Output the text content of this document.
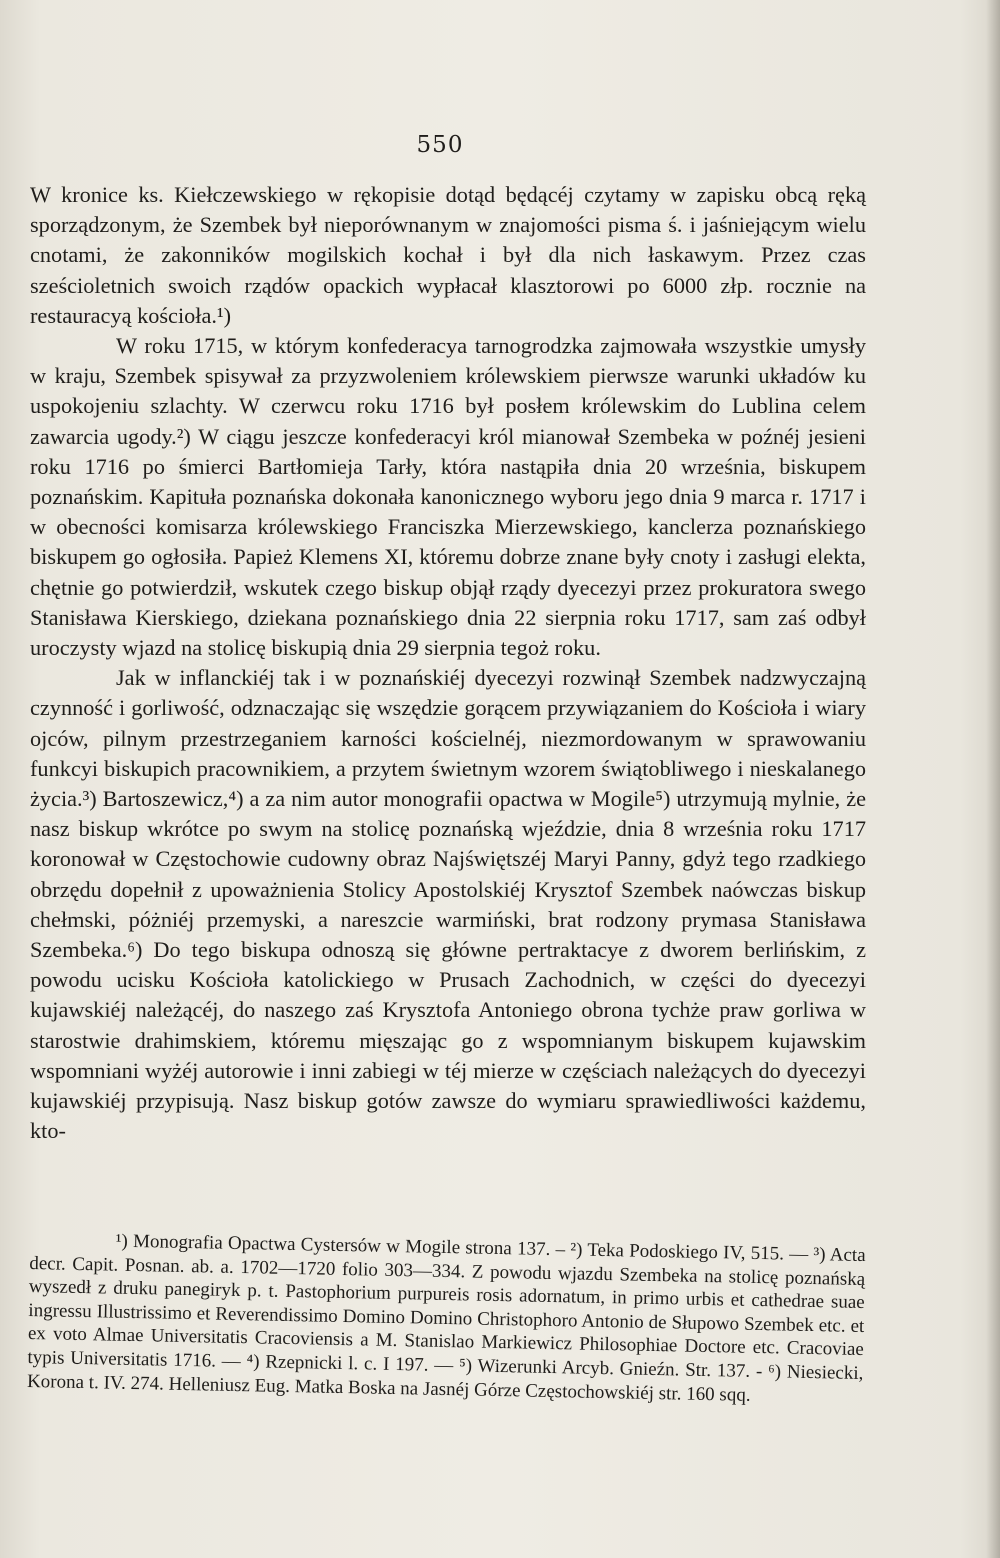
550

W kronice ks. Kiełczewskiego w rękopisie dotąd będącéj czytamy w zapisku obcą ręką sporządzonym, że Szembek był nieporównanym w znajomości pisma ś. i jaśniejącym wielu cnotami, że zakonników mogilskich kochał i był dla nich łaskawym. Przez czas sześcioletnich swoich rządów opackich wypłacał klasztorowi po 6000 złp. rocznie na restauracyą kościoła.¹)

W roku 1715, w którym konfederacya tarnogrodzka zajmowała wszystkie umysły w kraju, Szembek spisywał za przyzwoleniem królewskiem pierwsze warunki układów ku uspokojeniu szlachty. W czerwcu roku 1716 był posłem królewskim do Lublina celem zawarcia ugody.²) W ciągu jeszcze konfederacyi król mianował Szembeka w poźnéj jesieni roku 1716 po śmierci Bartłomieja Tarły, która nastąpiła dnia 20 września, biskupem poznańskim. Kapituła poznańska dokonała kanonicznego wyboru jego dnia 9 marca r. 1717 i w obecności komisarza królewskiego Franciszka Mierzewskiego, kanclerza poznańskiego biskupem go ogłosiła. Papież Klemens XI, któremu dobrze znane były cnoty i zasługi elekta, chętnie go potwierdził, wskutek czego biskup objął rządy dyecezyi przez prokuratora swego Stanisława Kierskiego, dziekana poznańskiego dnia 22 sierpnia roku 1717, sam zaś odbył uroczysty wjazd na stolicę biskupią dnia 29 sierpnia tegoż roku.

Jak w inflanckiéj tak i w poznańskiéj dyecezyi rozwinął Szembek nadzwyczajną czynność i gorliwość, odznaczając się wszędzie gorącem przywiązaniem do Kościoła i wiary ojców, pilnym przestrzeganiem karności kościelnéj, niezmordowanym w sprawowaniu funkcyi biskupich pracownikiem, a przytem świetnym wzorem świątobliwego i nieskalanego życia.³) Bartoszewicz,⁴) a za nim autor monografii opactwa w Mogile⁵) utrzymują mylnie, że nasz biskup wkrótce po swym na stolicę poznańską wjeździe, dnia 8 września roku 1717 koronował w Częstochowie cudowny obraz Najświętszéj Maryi Panny, gdyż tego rzadkiego obrzędu dopełnił z upoważnienia Stolicy Apostolskiéj Krysztof Szembek naówczas biskup chełmski, póżniéj przemyski, a nareszcie warmiński, brat rodzony prymasa Stanisława Szembeka.⁶) Do tego biskupa odnoszą się główne pertraktacye z dworem berlińskim, z powodu ucisku Kościoła katolickiego w Prusach Zachodnich, w części do dyecezyi kujawskiéj należącéj, do naszego zaś Krysztofa Antoniego obrona tychże praw gorliwa w starostwie drahimskiem, któremu mięszając go z wspomnianym biskupem kujawskim wspomniani wyżéj autorowie i inni zabiegi w téj mierze w częściach należących do dyecezyi kujawskiéj przypisują. Nasz biskup gotów zawsze do wymiaru sprawiedliwości każdemu, kto-

¹) Monografia Opactwa Cystersów w Mogile strona 137. – ²) Teka Podoskiego IV, 515. — ³) Acta decr. Capit. Posnan. ab. a. 1702—1720 folio 303—334. Z powodu wjazdu Szembeka na stolicę poznańską wyszedł z druku panegiryk p. t. Pastophorium purpureis rosis adornatum, in primo urbis et cathedrae suae ingressu Illustrissimo et Reverendissimo Domino Domino Christophoro Antonio de Słupowo Szembek etc. et ex voto Almae Universitatis Cracoviensis a M. Stanislao Markiewicz Philosophiae Doctore etc. Cracoviae typis Universitatis 1716. — ⁴) Rzepnicki l. c. I 197. — ⁵) Wizerunki Arcyb. Gnieźn. Str. 137. - ⁶) Niesiecki, Korona t. IV. 274. Helleniusz Eug. Matka Boska na Jasnéj Górze Częstochowskiéj str. 160 sqq.
